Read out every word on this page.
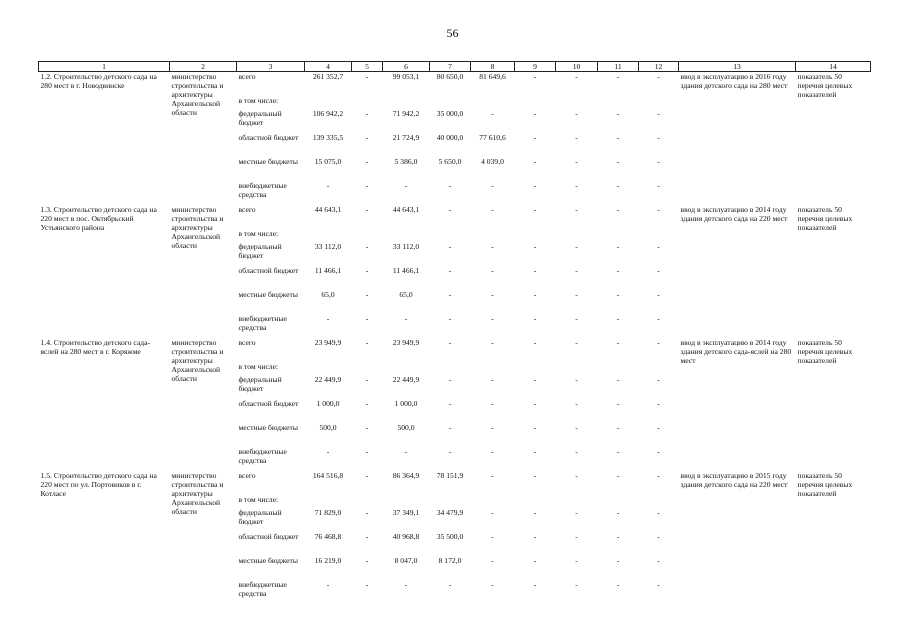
56
1	2	3	4	5	6	7	8	9	10	11	12	13	14
1.2. Строительство детского сада на 280 мест в г. Новодвинске	министерство строительства и архитектуры Архангельской области	всего	261 352,7	-	99 053,1	80 650,0	81 649,6	-	-	-	-	ввод в эксплуатацию в 2016 году здания детского сада на 280 мест	показатель 50 перечня целевых показателей
		в том числе:											
		федеральный бюджет	106 942,2	-	71 942,2	35 000,0	-	-	-	-	-		
		областной бюджет	139 335,5	-	21 724,9	40 000,0	77 610,6	-	-	-	-		
		местные бюджеты	15 075,0	-	5 386,0	5 650,0	4 039,0	-	-	-	-		
		внебюджетные средства	-	-	-	-	-	-	-	-	-		
1.3. Строительство детского сада на 220 мест в пос. Октябрьский Устьянского района	министерство строительства и архитектуры Архангельской области	всего	44 643,1	-	44 643,1	-	-	-	-	-	-	ввод в эксплуатацию в 2014 году здания детского сада на 220 мест	показатель 50 перечня целевых показателей
		в том числе:											
		федеральный бюджет	33 112,0	-	33 112,0	-	-	-	-	-	-		
		областной бюджет	11 466,1	-	11 466,1	-	-	-	-	-	-		
		местные бюджеты	65,0	-	65,0	-	-	-	-	-	-		
		внебюджетные средства	-	-	-	-	-	-	-	-	-		
1.4. Строительство детского сада-яслей на 280 мест в г. Коряжме	министерство строительства и архитектуры Архангельской области	всего	23 949,9	-	23 949,9	-	-	-	-	-	-	ввод в эксплуатацию в 2014 году здания детского сада-яслей на 280 мест	показатель 50 перечня целевых показателей
		в том числе:											
		федеральный бюджет	22 449,9	-	22 449,9	-	-	-	-	-	-		
		областной бюджет	1 000,0	-	1 000,0	-	-	-	-	-	-		
		местные бюджеты	500,0	-	500,0	-	-	-	-	-	-		
		внебюджетные средства	-	-	-	-	-	-	-	-	-		
1.5. Строительство детского сада на 220 мест по ул. Портовиков в г. Котласе	министерство строительства и архитектуры Архангельской области	всего	164 516,8	-	86 364,9	78 151,9	-	-	-	-	-	ввод в эксплуатацию в 2015 году здания детского сада на 220 мест	показатель 50 перечня целевых показателей
		в том числе:											
		федеральный бюджет	71 829,0	-	37 349,1	34 479,9	-	-	-	-	-		
		областной бюджет	76 468,8	-	40 968,8	35 500,0	-	-	-	-	-		
		местные бюджеты	16 219,0	-	8 047,0	8 172,0	-	-	-	-	-		
		внебюджетные средства	-	-	-	-	-	-	-	-	-		
